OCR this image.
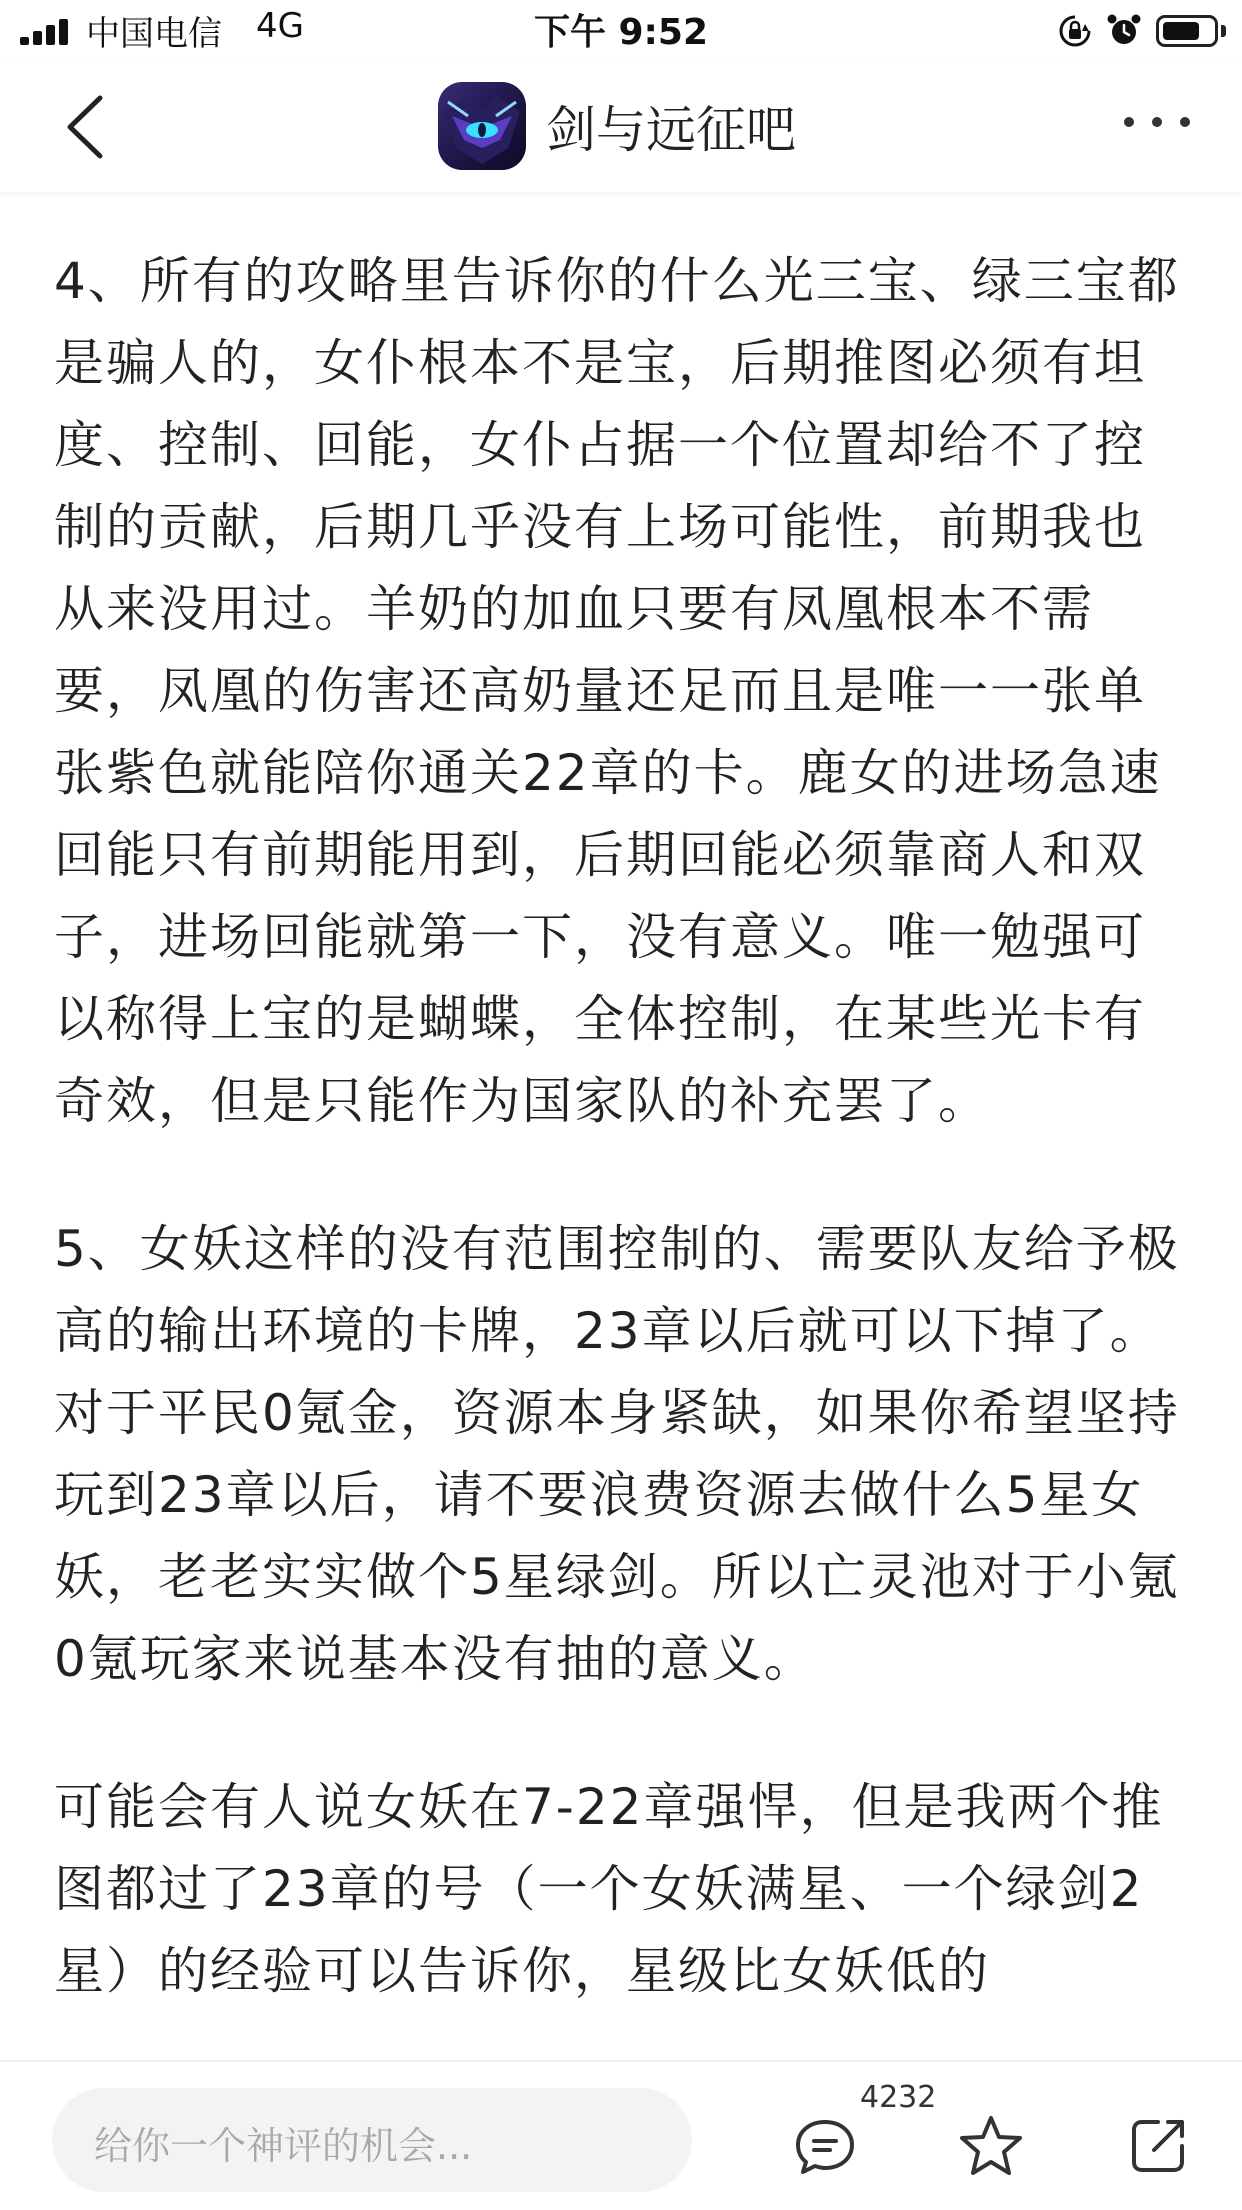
中国电信 4G	下午 9:52
剑与远征吧

4、所有的攻略里告诉你的什么光三宝、绿三宝都是骗人的，女仆根本不是宝，后期推图必须有坦度、控制、回能，女仆占据一个位置却给不了控制的贡献，后期几乎没有上场可能性，前期我也从来没用过。羊奶的加血只要有凤凰根本不需要，凤凰的伤害还高奶量还足而且是唯一一张单张紫色就能陪你通关22章的卡。鹿女的进场急速回能只有前期能用到，后期回能必须靠商人和双子，进场回能就第一下，没有意义。唯一勉强可以称得上宝的是蝴蝶，全体控制，在某些光卡有奇效，但是只能作为国家队的补充罢了。

5、女妖这样的没有范围控制的、需要队友给予极高的输出环境的卡牌，23章以后就可以下掉了。对于平民0氪金，资源本身紧缺，如果你希望坚持玩到23章以后，请不要浪费资源去做什么5星女妖，老老实实做个5星绿剑。所以亡灵池对于小氪0氪玩家来说基本没有抽的意义。

可能会有人说女妖在7-22章强悍，但是我两个推图都过了23章的号（一个女妖满星、一个绿剑2星）的经验可以告诉你，星级比女妖低的

给你一个神评的机会...
4232
